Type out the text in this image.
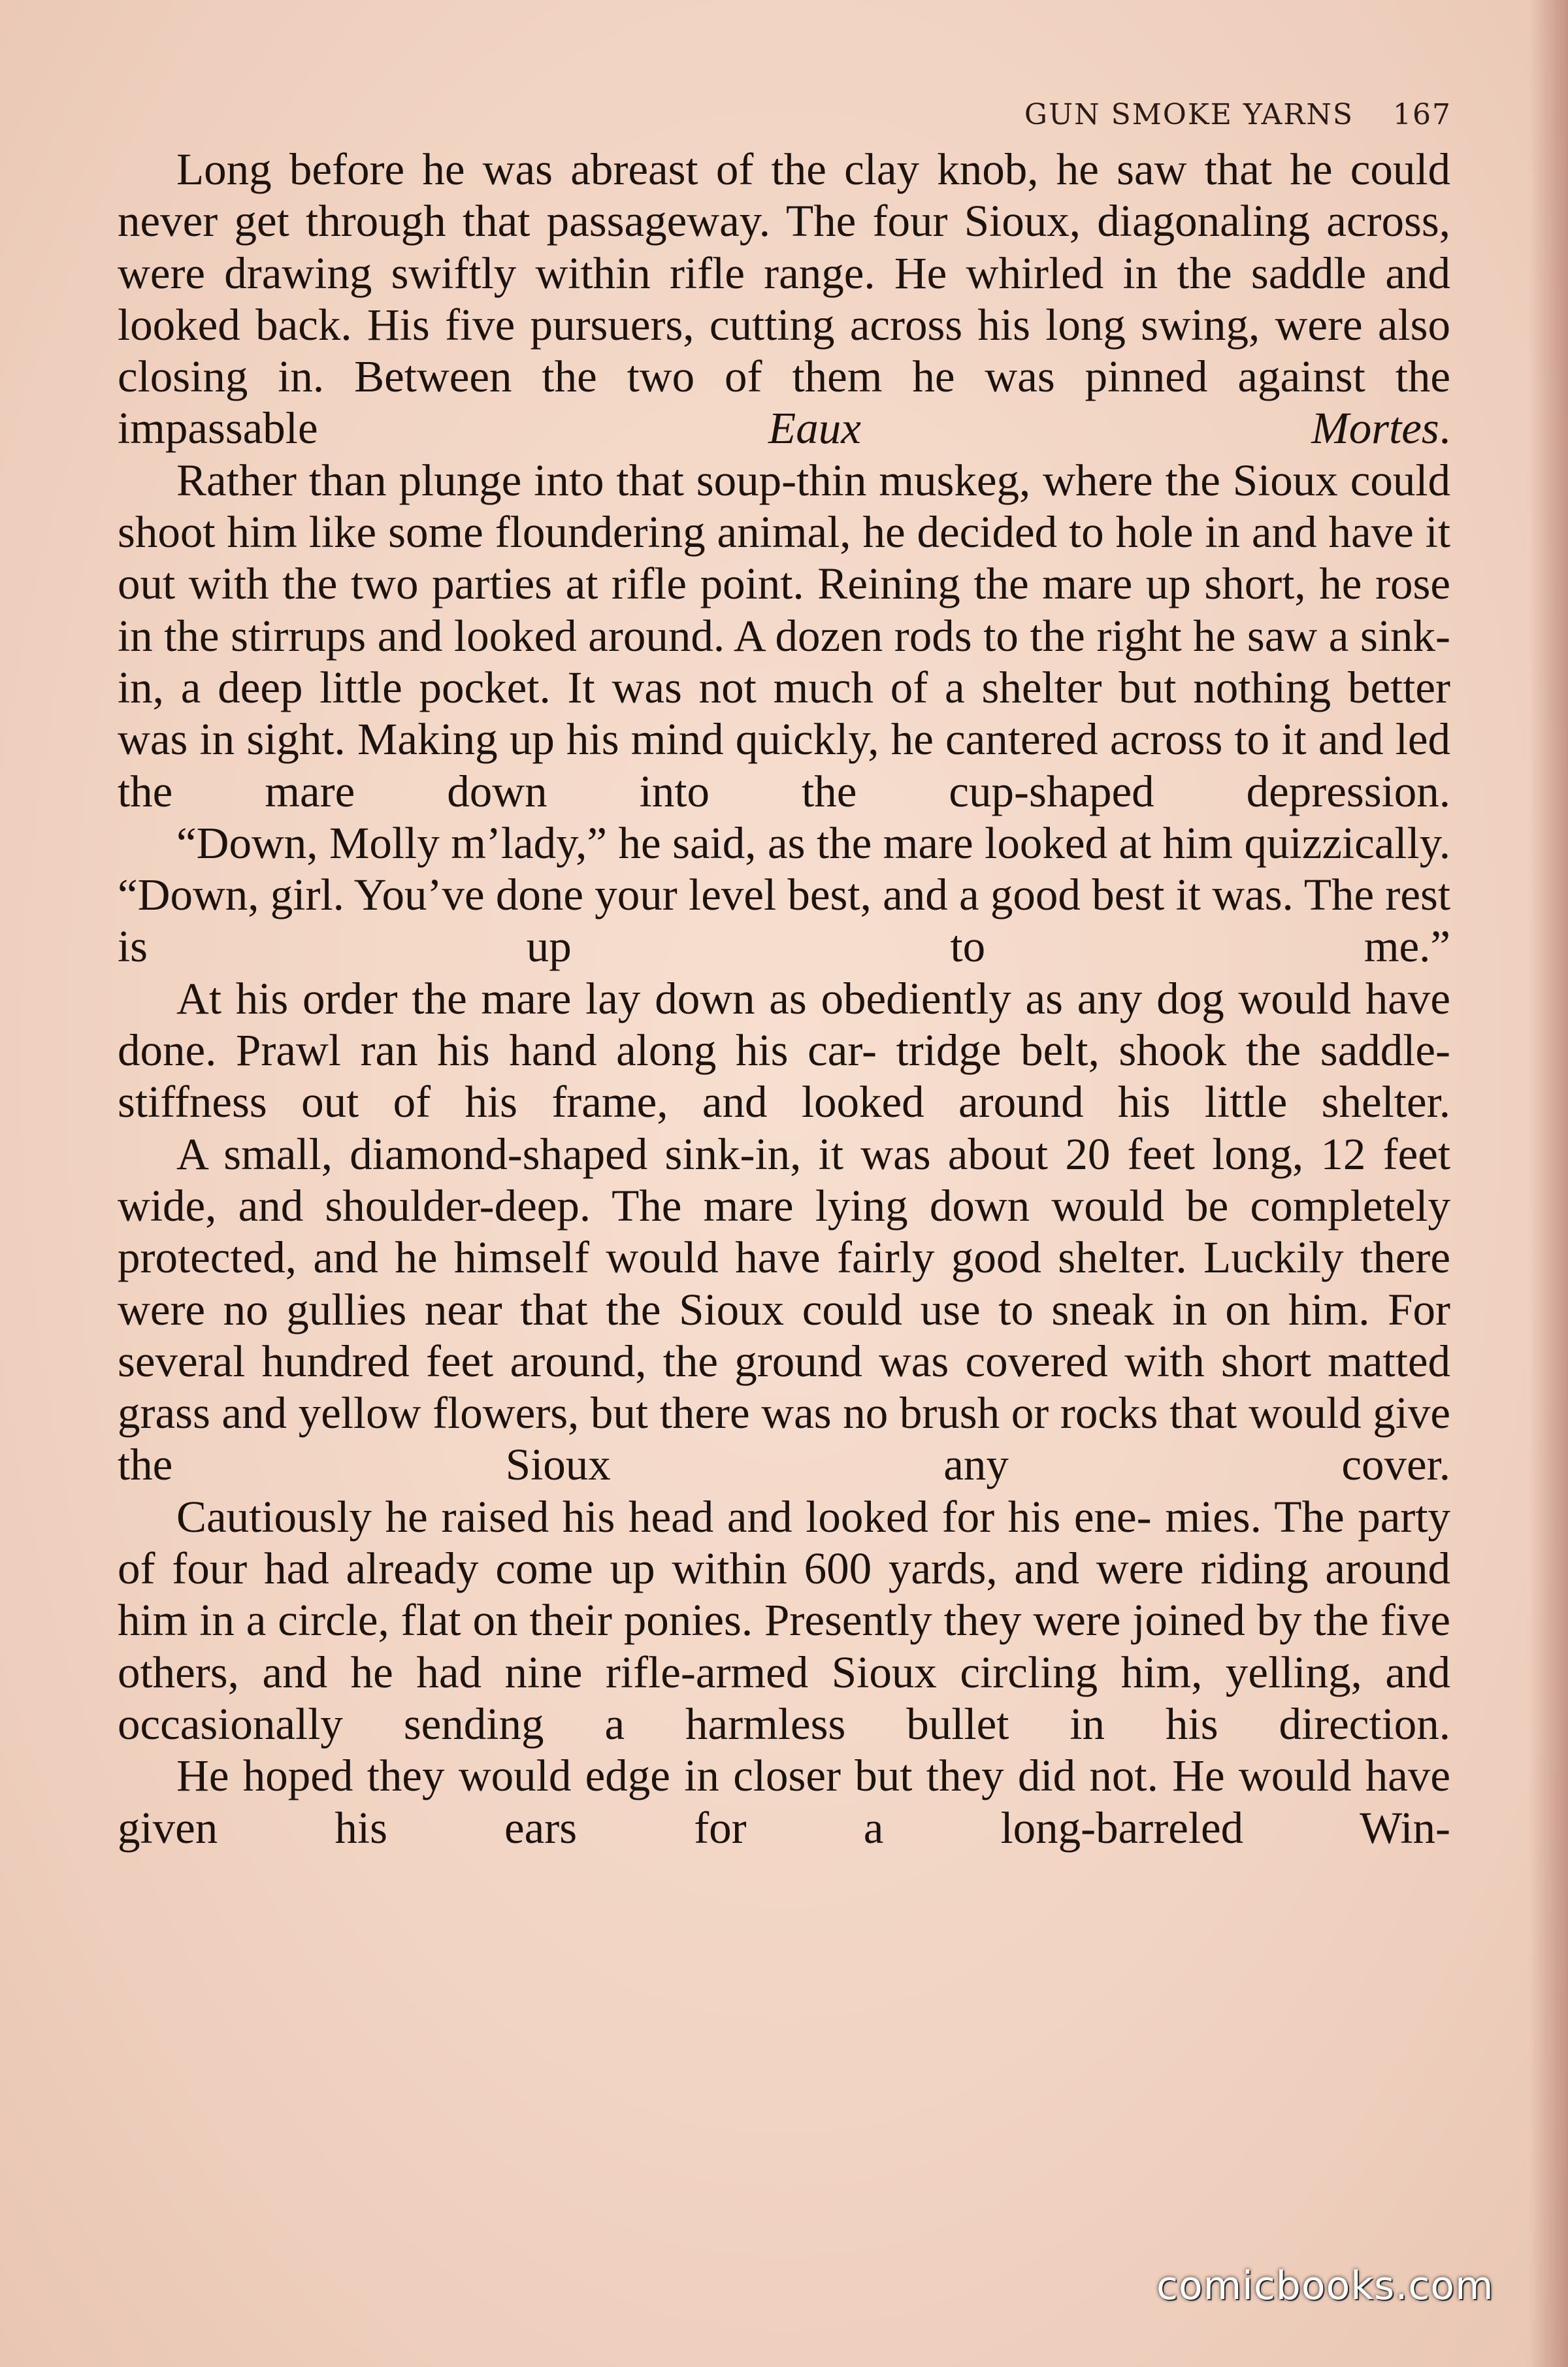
GUN SMOKE YARNS 167

Long before he was abreast of the clay knob, he saw that he could never get through that passageway. The four Sioux, diagonaling across, were drawing swiftly within rifle range. He whirled in the saddle and looked back. His five pursuers, cutting across his long swing, were also closing in. Between the two of them he was pinned against the impassable Eaux Mortes.

Rather than plunge into that soup-thin muskeg, where the Sioux could shoot him like some floundering animal, he decided to hole in and have it out with the two parties at rifle point. Reining the mare up short, he rose in the stirrups and looked around. A dozen rods to the right he saw a sink-in, a deep little pocket. It was not much of a shelter but nothing better was in sight. Making up his mind quickly, he cantered across to it and led the mare down into the cup-shaped depression.

“Down, Molly m’lady,” he said, as the mare looked at him quizzically. “Down, girl. You’ve done your level best, and a good best it was. The rest is up to me.”

At his order the mare lay down as obediently as any dog would have done. Prawl ran his hand along his car- tridge belt, shook the saddle-stiffness out of his frame, and looked around his little shelter.

A small, diamond-shaped sink-in, it was about 20 feet long, 12 feet wide, and shoulder-deep. The mare lying down would be completely protected, and he himself would have fairly good shelter. Luckily there were no gullies near that the Sioux could use to sneak in on him. For several hundred feet around, the ground was covered with short matted grass and yellow flowers, but there was no brush or rocks that would give the Sioux any cover.

Cautiously he raised his head and looked for his ene- mies. The party of four had already come up within 600 yards, and were riding around him in a circle, flat on their ponies. Presently they were joined by the five others, and he had nine rifle-armed Sioux circling him, yelling, and occasionally sending a harmless bullet in his direction.

He hoped they would edge in closer but they did not. He would have given his ears for a long-barreled Win-

comicbooks.com
